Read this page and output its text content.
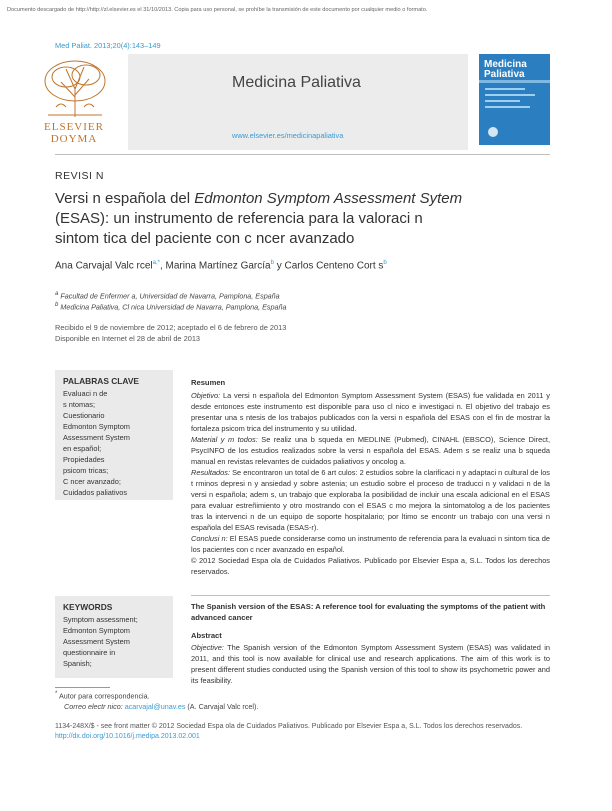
Documento descargado de http://http://zl.elsevier.es el 31/10/2013. Copia para uso personal, se prohíbe la transmisión de este documento por cualquier medio o formato.
Med Paliat. 2013;20(4):143–149
ELSEVIER
DOYMA
Medicina Paliativa
www.elsevier.es/medicinapaliativa
Medicina
Paliativa
REVISI N
Versi n española del Edmonton Symptom Assessment Sytem
(ESAS): un instrumento de referencia para la valoraci n
sintom tica del paciente con c ncer avanzado
Ana Carvajal Valc rcel$^{a,*}$, Marina Martínez García$^b$ y Carlos Centeno Cort $s^b$
$^a$ Facultad de Enfermer a, Universidad de Navarra, Pamplona, España
$^b$ Medicina Paliativa, Cl nica Universidad de Navarra, Pamplona, España
Recibido el 9 de noviembre de 2012; aceptado el 6 de febrero de 2013
Disponible en Internet el 28 de abril de 2013
PALABRAS CLAVE
Evaluaci n de
s ntomas;
Cuestionario
Edmonton Symptom
Assessment System
en español;
Propiedades
psicom tricas;
C ncer avanzado;
Cuidados paliativos
Resumen

Objetivo: La versi n española del Edmonton Symptom Assessment System (ESAS) fue validada en 2011 y desde entonces este instrumento est disponible para uso cl nico e investigaci n. El objetivo del trabajo es presentar una s ntesis de los trabajos publicados con la versi n española del ESAS con el fin de mostrar la fortaleza psicom trica del instrumento y su utilidad.

Material y m todos: Se realiz una b squeda en MEDLINE (Pubmed), CINAHL (EBSCO), Science Direct, PsycINFO de los estudios realizados sobre la versi n española del ESAS. Adem s se realiz una b squeda manual en revistas relevantes de cuidados paliativos y oncolog a.

Resultados: Se encontraron un total de 6 art culos: 2 estudios sobre la clarificaci n y adaptaci n cultural de los t rminos depresi n y ansiedad y sobre astenia; un estudio sobre el proceso de traducci n y validaci n de la versi n española; adem s, un trabajo que exploraba la posibilidad de incluir una escala adicional en el ESAS para evaluar estreñimiento y otro mostrando con el ESAS c mo mejora la sintomatolog a de los pacientes tras la intervenci n de un equipo de soporte hospitalario; por ltimo se encontr un trabajo con una versi n española del ESAS revisada (ESAS-r).

Conclusi n: El ESAS puede considerarse como un instrumento de referencia para la evaluaci n sintom tica de los pacientes con c ncer avanzado en español.

© 2012 Sociedad Espa ola de Cuidados Paliativos. Publicado por Elsevier Espa a, S.L. Todos los derechos reservados.

KEYWORDS
Symptom assessment;
Edmonton Symptom
Assessment System
questionnaire in
Spanish;
The Spanish version of the ESAS: A reference tool for evaluating the symptoms of the patient with advanced cancer
Abstract
Objective: The Spanish version of the Edmonton Symptom Assessment System (ESAS) was validated in 2011, and this tool is now available for clinical use and research applications. The aim of this work is to present different studies conducted using the Spanish version of this tool to show its psychometric power and its feasibility.
* Autor para correspondencia.
Correo electr nico: acarvajal@unav.es (A. Carvajal Valc rcel).
1134-248X/$ - see front matter © 2012 Sociedad Espa ola de Cuidados Paliativos. Publicado por Elsevier Espa a, S.L. Todos los derechos reservados.
http://dx.doi.org/10.1016/j.medipa.2013.02.001
